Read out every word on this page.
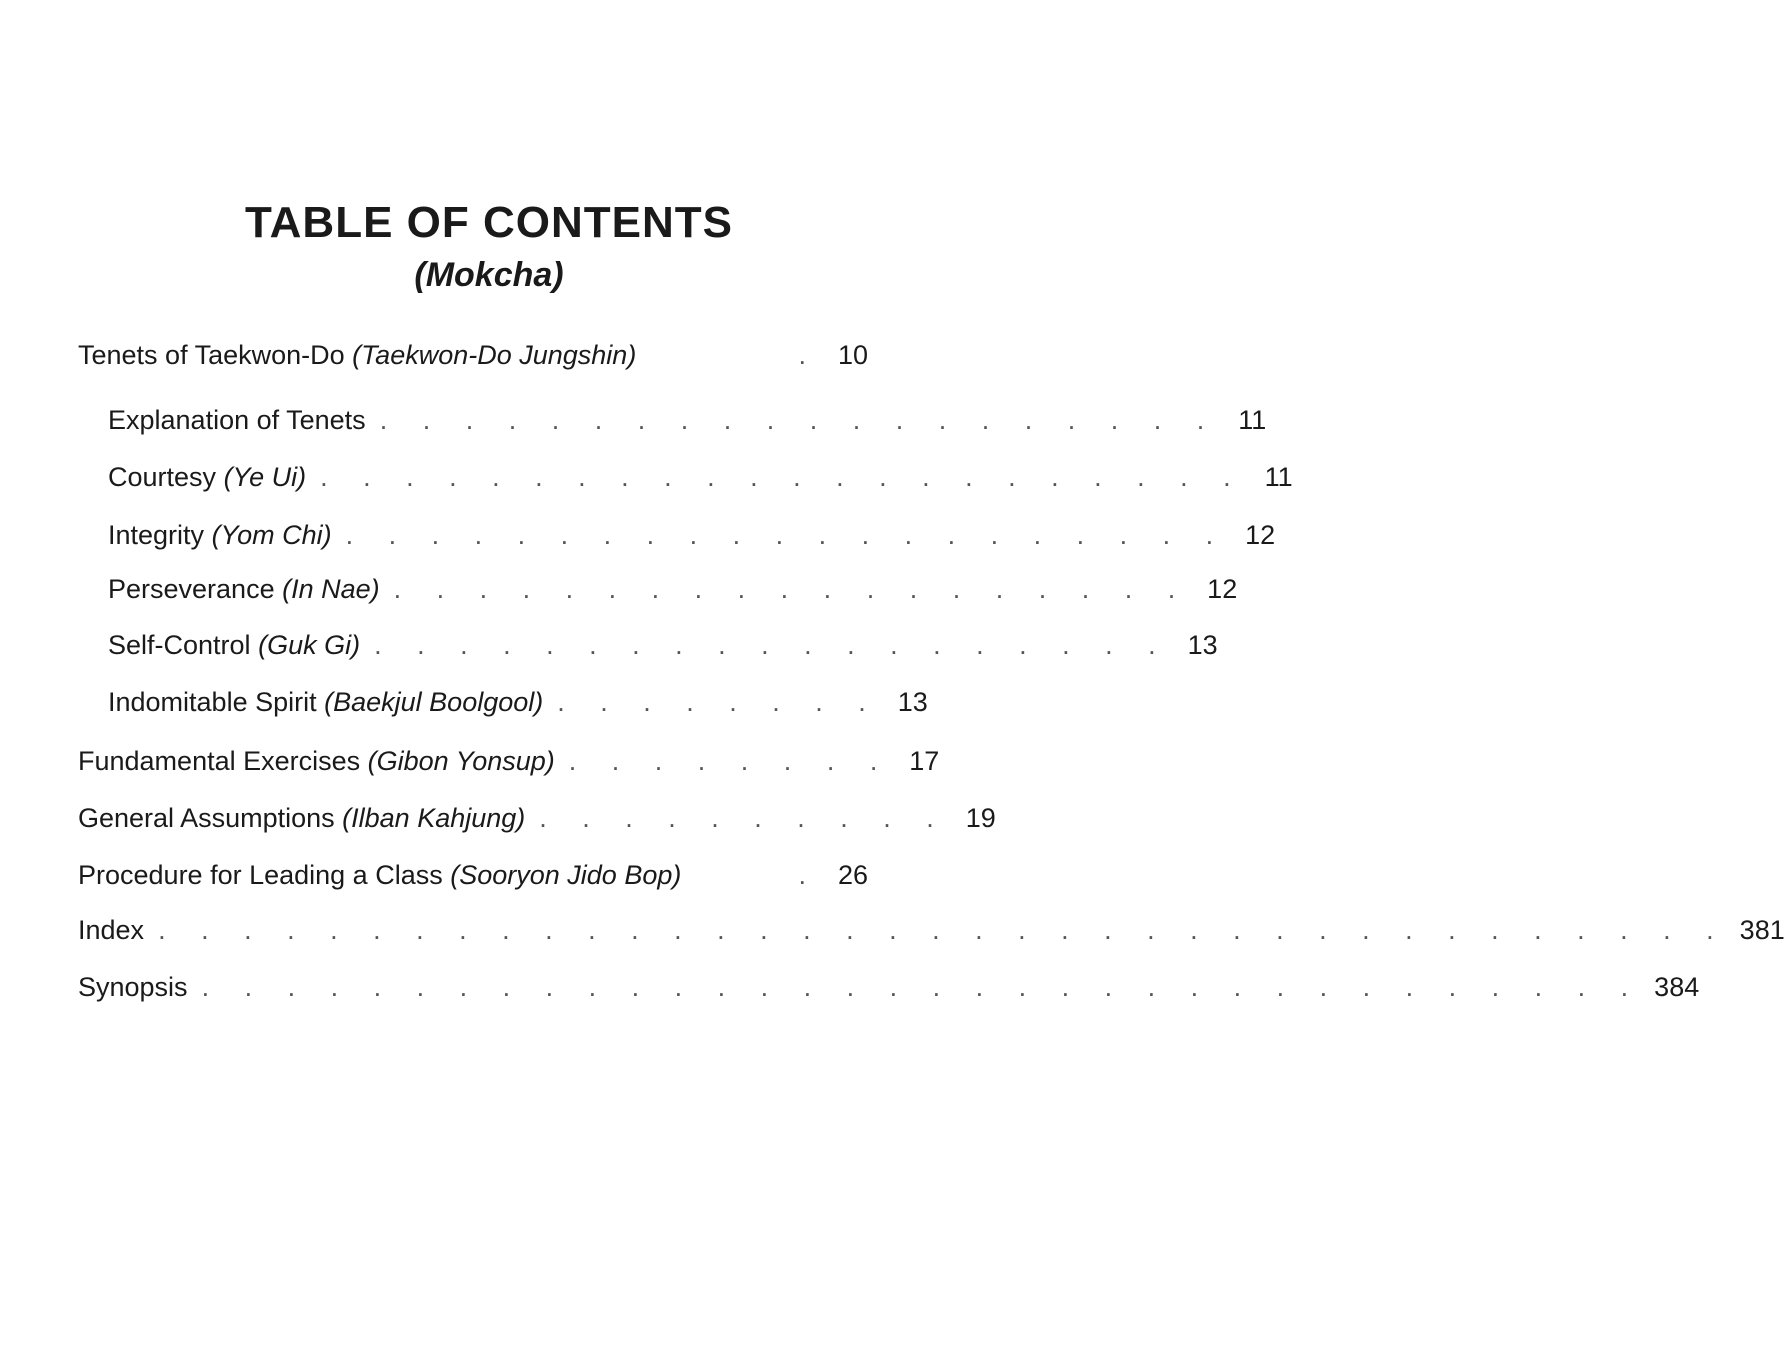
TABLE OF CONTENTS
(Mokcha)
Tenets of Taekwon-Do (Taekwon-Do Jungshin)	. 10
Explanation of Tenets . . . . . . . . . . . . . . . . . . . . 11
Courtesy (Ye Ui) . . . . . . . . . . . . . . . . . . . . . . 11
Integrity (Yom Chi) . . . . . . . . . . . . . . . . . . . . . 12
Perseverance (In Nae) . . . . . . . . . . . . . . . . . . . 12
Self-Control (Guk Gi) . . . . . . . . . . . . . . . . . . . 13
Indomitable Spirit (Baekjul Boolgool) . . . . . . . . 13
Fundamental Exercises (Gibon Yonsup) . . . . . . . . 17
General Assumptions (Ilban Kahjung) . . . . . . . . . . 19
Procedure for Leading a Class (Sooryon Jido Bop)	. 26
Index . . . . . . . . . . . . . . . . . . . . . . . . . . . . . . . . . . . . . 381
Synopsis . . . . . . . . . . . . . . . . . . . . . . . . . . . . . . . . . . 384
